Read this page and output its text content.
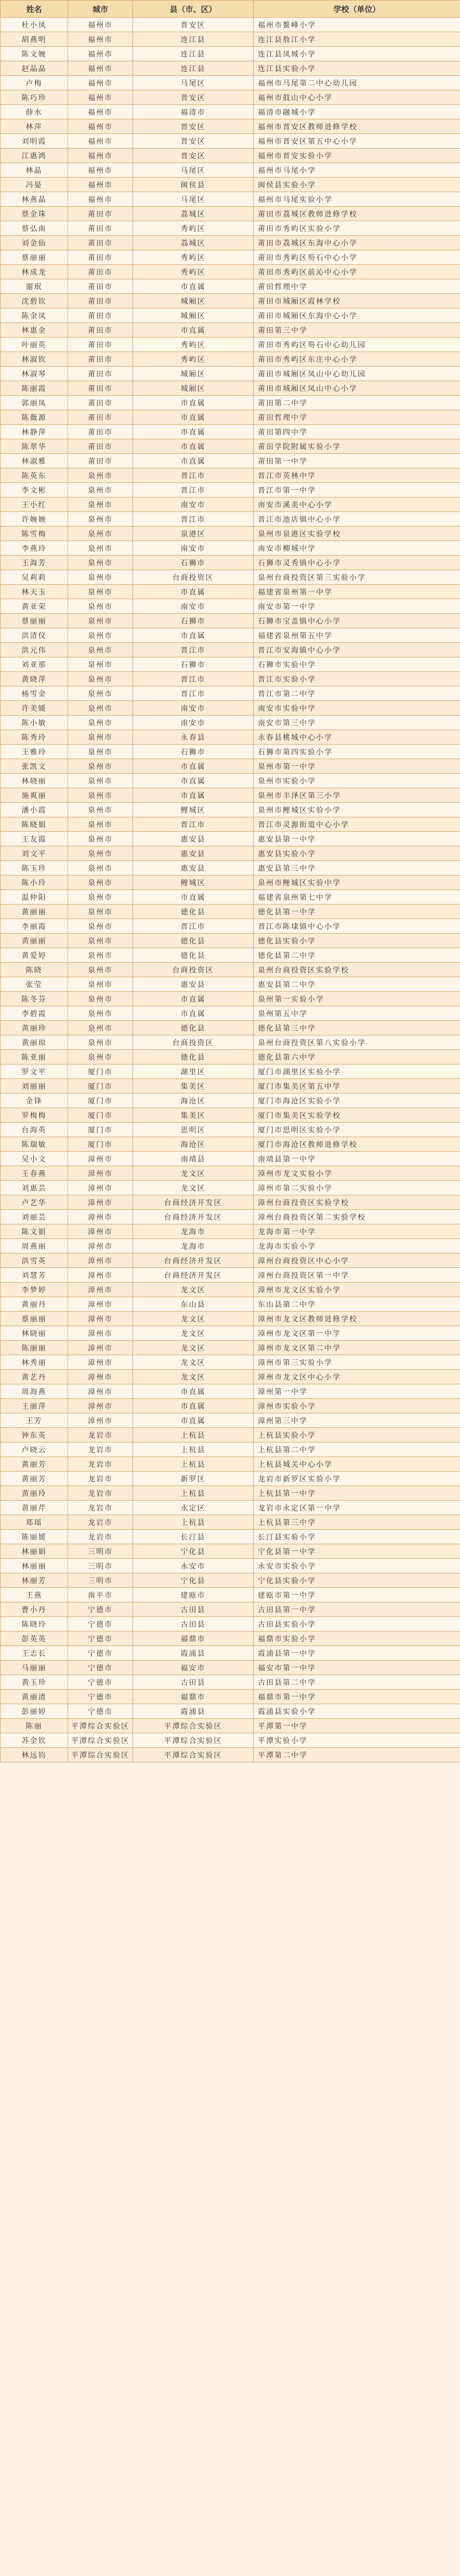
姓名	城市	县（市、区）	学校（单位）
杜小凤	福州市	晋安区	福州市鳌峰小学
胡燕明	福州市	连江县	连江县敖江小学
陈文婉	福州市	连江县	连江县凤城小学
赵晶晶	福州市	连江县	连江县实验小学
卢梅	福州市	马尾区	福州市马尾第二中心幼儿园
陈巧珍	福州市	晋安区	福州市鼓山中心小学
薛水	福州市	福清市	福清市融城小学
林萍	福州市	晋安区	福州市晋安区教师进修学校
刘明霞	福州市	晋安区	福州市晋安区第五中心小学
江惠鸿	福州市	晋安区	福州市晋安实验小学
林晶	福州市	马尾区	福州市马尾小学
冯晏	福州市	闽侯县	闽侯县实验小学
林燕晶	福州市	马尾区	福州市马尾实验小学
蔡金珠	莆田市	荔城区	莆田市荔城区教师进修学校
蔡弘南	莆田市	秀屿区	莆田市秀屿区实验小学
刘金仙	莆田市	荔城区	莆田市荔城区东海中心小学
蔡丽丽	莆田市	秀屿区	莆田市秀屿区笏石中心小学
林成龙	莆田市	秀屿区	莆田市秀屿区前沁中心小学
谢珉	莆田市	市直属	莆田哲理中学
沈碧钦	莆田市	城厢区	莆田市城厢区霞林学校
陈金凤	莆田市	城厢区	莆田市城厢区东海中心小学
林惠金	莆田市	市直属	莆田第三中学
叶丽英	莆田市	秀屿区	莆田市秀屿区笏石中心幼儿园
林淑钦	莆田市	秀屿区	莆田市秀屿区东庄中心小学
林淑琴	莆田市	城厢区	莆田市城厢区凤山中心幼儿园
陈丽霞	莆田市	城厢区	莆田市城厢区凤山中心小学
郭丽凤	莆田市	市直属	莆田第二中学
陈薇源	莆田市	市直属	莆田哲理中学
林静萍	莆田市	市直属	莆田第四中学
陈翠华	莆田市	市直属	莆田学院附属实验小学
林淑雅	莆田市	市直属	莆田第一中学
陈英东	泉州市	晋江市	晋江市英林中学
李文彬	泉州市	晋江市	晋江市第一中学
王小红	泉州市	南安市	南安市溪美中心小学
许婉婉	泉州市	晋江市	晋江市池店镇中心小学
陈雪梅	泉州市	泉港区	泉州市泉港区实验学校
李燕玲	泉州市	南安市	南安市柳城中学
王海芳	泉州市	石狮市	石狮市灵秀镇中心小学
吴莉莉	泉州市	台商投资区	泉州台商投资区第三实验小学
林天玉	泉州市	市直属	福建省泉州第一中学
黄亚荣	泉州市	南安市	南安市第一中学
蔡丽丽	泉州市	石狮市	石狮市宝盖镇中心小学
洪清仪	泉州市	市直属	福建省泉州第五中学
洪元伟	泉州市	晋江市	晋江市安海镇中心小学
刘亚那	泉州市	石狮市	石狮市实验中学
黄晓萍	泉州市	晋江市	晋江市实验小学
杨雪金	泉州市	晋江市	晋江市第二中学
许美媛	泉州市	南安市	南安市实验中学
陈小敏	泉州市	南安市	南安市第三中学
陈秀玲	泉州市	永春县	永春县桃城中心小学
王雅玲	泉州市	石狮市	石狮市第四实验小学
张凯文	泉州市	市直属	泉州市第一中学
林晓丽	泉州市	市直属	泉州市实验小学
施爽丽	泉州市	市直属	泉州市丰泽区第三小学
潘小霞	泉州市	鲤城区	泉州市鲤城区实验小学
陈晓娟	泉州市	晋江市	晋江市灵源街道中心小学
王友霞	泉州市	惠安县	惠安县第一中学
刘文平	泉州市	惠安县	惠安县实验小学
陈玉珍	泉州市	惠安县	惠安县第三中学
陈小玲	泉州市	鲤城区	泉州市鲤城区实验中学
温仲阳	泉州市	市直属	福建省泉州第七中学
黄丽丽	泉州市	德化县	德化县第一中学
李丽霞	泉州市	晋江市	晋江市陈埭镇中心小学
黄丽丽	泉州市	德化县	德化县实验小学
黄爱婷	泉州市	德化县	德化县第二中学
陈晓	泉州市	台商投资区	泉州台商投资区实验学校
张莹	泉州市	惠安县	惠安县第二中学
陈冬芬	泉州市	市直属	泉州第一实验小学
李碧霞	泉州市	市直属	泉州第五中学
黄丽珍	泉州市	德化县	德化县第三中学
黄丽琼	泉州市	台商投资区	泉州台商投资区第八实验小学
陈亚丽	泉州市	德化县	德化县第六中学
罗文平	厦门市	湖里区	厦门市湖里区实验小学
刘丽丽	厦门市	集美区	厦门市集美区第五中学
金锋	厦门市	海沧区	厦门市海沧区实验小学
罗梅梅	厦门市	集美区	厦门市集美区实验学校
台海英	厦门市	思明区	厦门市思明区实验小学
陈瑞敏	厦门市	海沧区	厦门市海沧区教师进修学校
吴小文	漳州市	南靖县	南靖县第一中学
王春燕	漳州市	龙文区	漳州市龙文实验小学
刘惠芸	漳州市	龙文区	漳州市第二实验小学
卢艺华	漳州市	台商经济开发区	漳州台商投资区实验学校
刘丽芸	漳州市	台商经济开发区	漳州台商投资区第二实验学校
陈文娟	漳州市	龙海市	龙海市第一中学
周燕丽	漳州市	龙海市	龙海市实验小学
洪雪英	漳州市	台商经济开发区	漳州台商投资区中心小学
刘慧芳	漳州市	台商经济开发区	漳州台商投资区第一中学
李梦婷	漳州市	龙文区	漳州市龙文区实验小学
黄丽丹	漳州市	东山县	东山县第二中学
蔡丽丽	漳州市	龙文区	漳州市龙文区教师进修学校
林晓丽	漳州市	龙文区	漳州市龙文区第一中学
陈丽丽	漳州市	龙文区	漳州市龙文区第二中学
林秀丽	漳州市	龙文区	漳州市第三实验小学
黄艺丹	漳州市	龙文区	漳州市龙文区中心小学
周海燕	漳州市	市直属	漳州第一中学
王丽萍	漳州市	市直属	漳州市实验小学
王芳	漳州市	市直属	漳州第三中学
钟东英	龙岩市	上杭县	上杭县实验小学
卢晓云	龙岩市	上杭县	上杭县第二中学
黄丽芳	龙岩市	上杭县	上杭县城关中心小学
黄丽芳	龙岩市	新罗区	龙岩市新罗区实验小学
黄丽玲	龙岩市	上杭县	上杭县第一中学
黄丽芹	龙岩市	永定区	龙岩市永定区第一中学
郑瑶	龙岩市	上杭县	上杭县第三中学
陈丽媛	龙岩市	长汀县	长汀县实验小学
林丽娟	三明市	宁化县	宁化县第一中学
林丽丽	三明市	永安市	永安市实验小学
林丽芳	三明市	宁化县	宁化县实验小学
王燕	南平市	建瓯市	建瓯市第一中学
曹小丹	宁德市	古田县	古田县第一中学
陈晓玲	宁德市	古田县	古田县实验小学
彭英英	宁德市	福鼎市	福鼎市实验小学
王志长	宁德市	霞浦县	霞浦县第一中学
马丽丽	宁德市	福安市	福安市第一中学
黄玉珍	宁德市	古田县	古田县第二中学
黄丽清	宁德市	福鼎市	福鼎市第一中学
彭丽婷	宁德市	霞浦县	霞浦县实验小学
陈丽	平潭综合实验区	平潭综合实验区	平潭第一中学
苏金钦	平潭综合实验区	平潭综合实验区	平潭实验小学
林远钧	平潭综合实验区	平潭综合实验区	平潭第二中学
